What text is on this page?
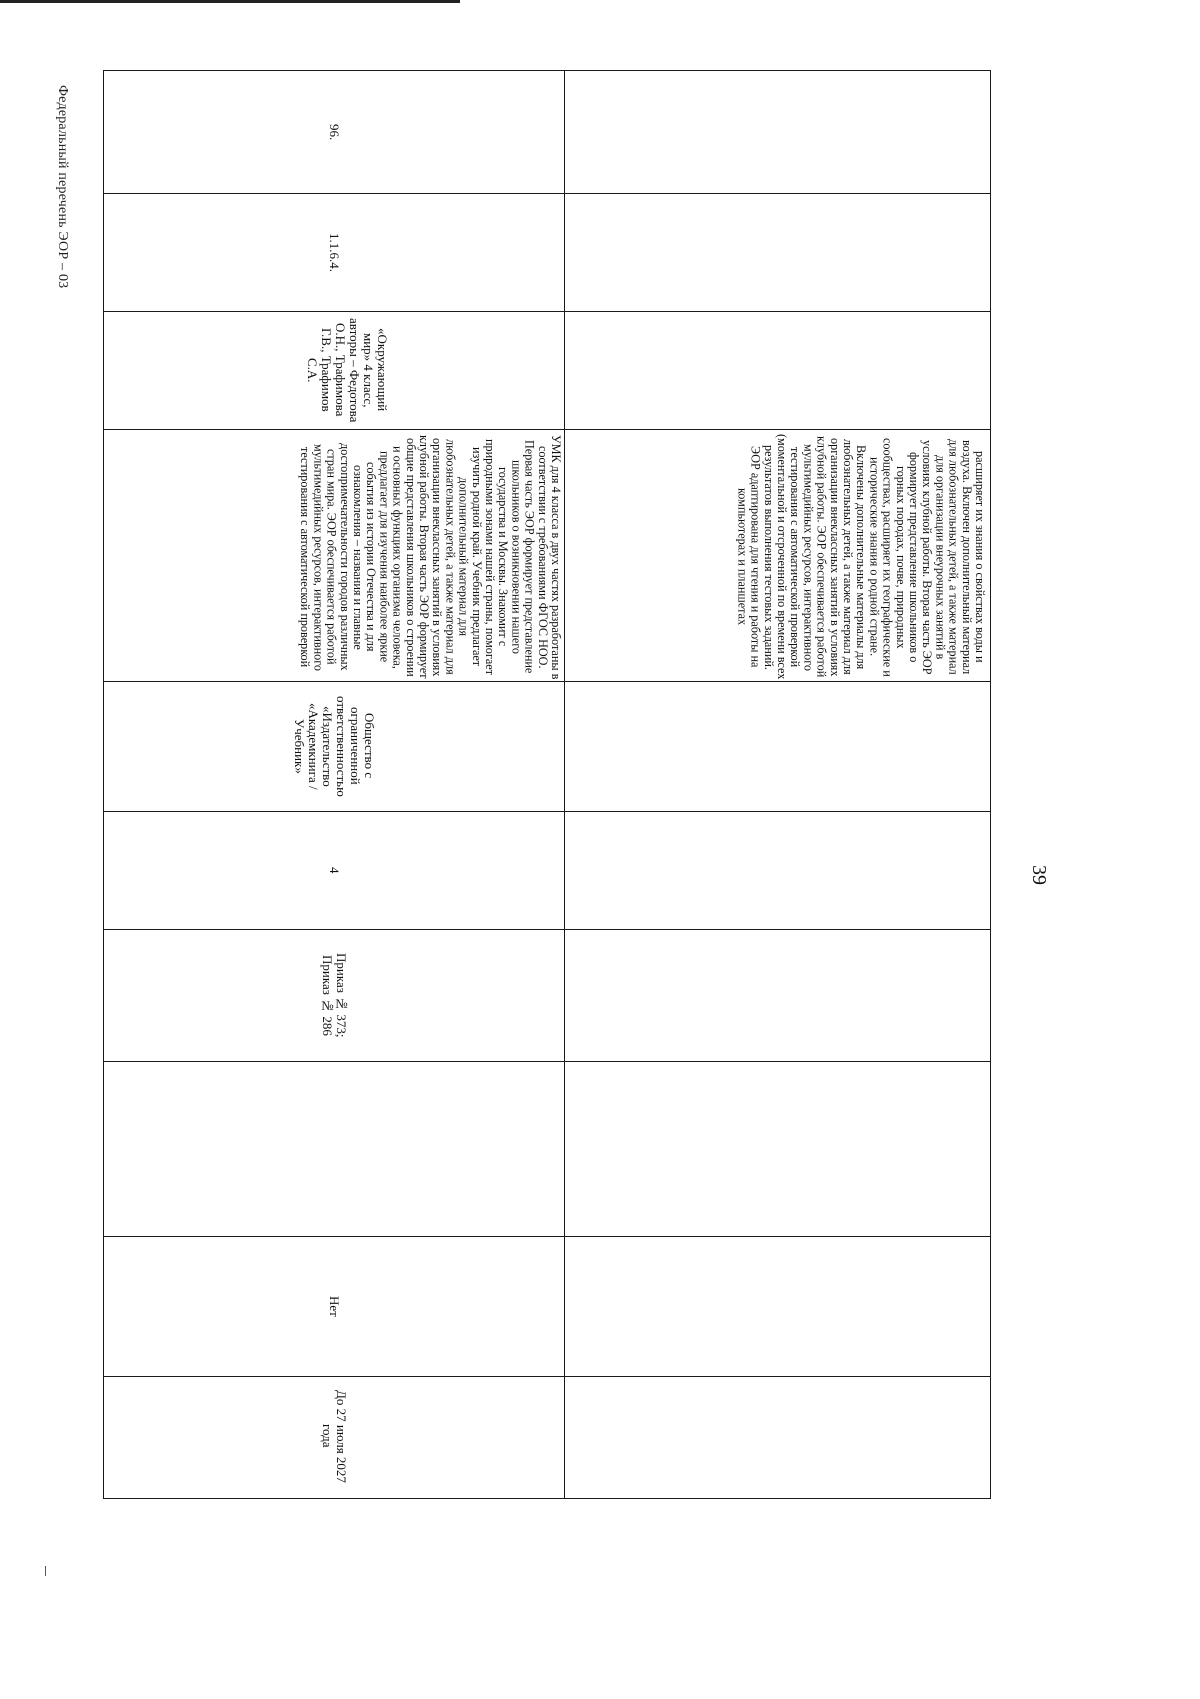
Федеральный перечень ЭОР – 03
39
расширяет их знания о свойствах воды и воздуха. Включен дополнительный материал для любознательных детей, а также материал для организации внеурочных занятий в условиях клубной работы. Вторая часть ЭОР формирует представление школьников о горных породах, почве, природных сообществах, расширяет их географические и исторические знания о родной стране. Включены дополнительные материалы для любознательных детей, а также материал для организации внеклассных занятий в условиях клубной работы. ЭОР обеспечивается работой мультимедийных ресурсов, интерактивного тестирования с автоматической проверкой (моментальной и отсроченной по времени всех результатов выполнения тестовых заданий. ЭОР адаптирована для чтения и работы на компьютерах и планшетах
96.
1.1.6.4.
«Окружающий мир» 4 класс, авторы – Федотова О.Н., Трафимова Г.В., Трафимов С.А.
УМК для 4 класса в двух частях разработаны в соответствии с требованиями ФГОС НОО. Первая часть ЭОР формирует представление школьников о возникновении нашего государства и Москвы. Знакомит с природными зонами нашей страны, помогает изучить родной край. Учебник предлагает дополнительный материал для любознательных детей, а также материал для организации внеклассных занятий в условиях клубной работы. Вторая часть ЭОР формирует общие представления школьников о строении и основных функциях организма человека, предлагает для изучения наиболее яркие события из истории Отечества и для ознакомления – названия и главные достопримечательности городов различных стран мира. ЭОР обеспечивается работой мультимедийных ресурсов, интерактивного тестирования с автоматической проверкой
Общество с ограниченной ответственностью «Издательство «Академкнига / Учебник»
4
Приказ № 373; Приказ № 286
Нет
До 27 июля 2027 года
